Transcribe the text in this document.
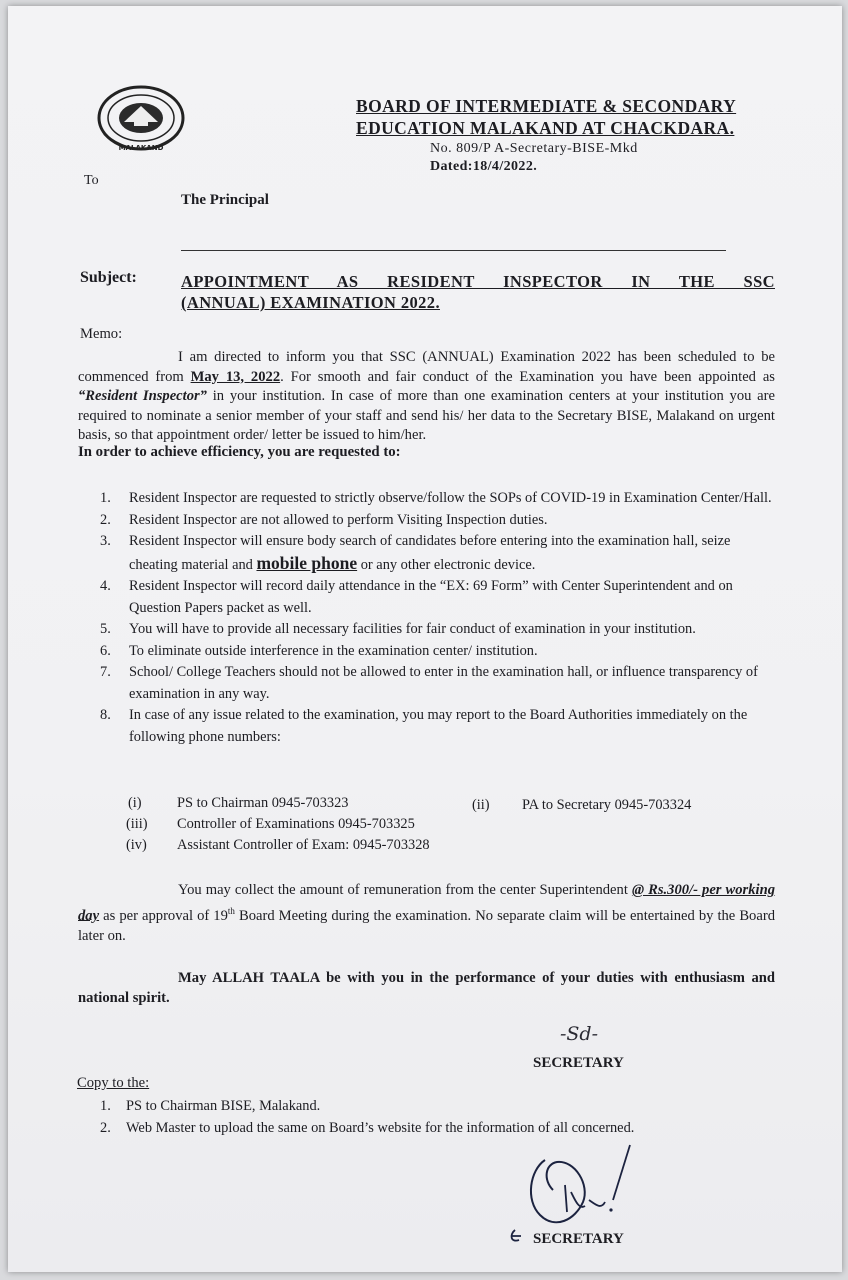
MALAKAND
BOARD OF INTERMEDIATE & SECONDARY
EDUCATION MALAKAND AT CHACKDARA.
No. 809/P A-Secretary-BISE-Mkd
Dated:18/4/2022.
To
The Principal
Subject:	APPOINTMENT AS RESIDENT INSPECTOR IN THE SSC
(ANNUAL) EXAMINATION 2022.
Memo:
I am directed to inform you that SSC (ANNUAL) Examination 2022 has been scheduled to be commenced from May 13, 2022. For smooth and fair conduct of the Examination you have been appointed as “Resident Inspector” in your institution. In case of more than one examination centers at your institution you are required to nominate a senior member of your staff and send his/ her data to the Secretary BISE, Malakand on urgent basis, so that appointment order/ letter be issued to him/her.
In order to achieve efficiency, you are requested to:
1. Resident Inspector are requested to strictly observe/follow the SOPs of COVID-19 in Examination Center/Hall.
2. Resident Inspector are not allowed to perform Visiting Inspection duties.
3. Resident Inspector will ensure body search of candidates before entering into the examination hall, seize cheating material and mobile phone or any other electronic device.
4. Resident Inspector will record daily attendance in the “EX: 69 Form” with Center Superintendent and on Question Papers packet as well.
5. You will have to provide all necessary facilities for fair conduct of examination in your institution.
6. To eliminate outside interference in the examination center/ institution.
7. School/ College Teachers should not be allowed to enter in the examination hall, or influence transparency of examination in any way.
8. In case of any issue related to the examination, you may report to the Board Authorities immediately on the following phone numbers:
(i) PS to Chairman 0945-703323	(ii) PA to Secretary 0945-703324
(iii) Controller of Examinations 0945-703325
(iv) Assistant Controller of Exam: 0945-703328
You may collect the amount of remuneration from the center Superintendent @ Rs.300/- per working day as per approval of 19th Board Meeting during the examination. No separate claim will be entertained by the Board later on.
May ALLAH TAALA be with you in the performance of your duties with enthusiasm and national spirit.
-Sd-
SECRETARY
Copy to the:
1. PS to Chairman BISE, Malakand.
2. Web Master to upload the same on Board’s website for the information of all concerned.
SECRETARY
